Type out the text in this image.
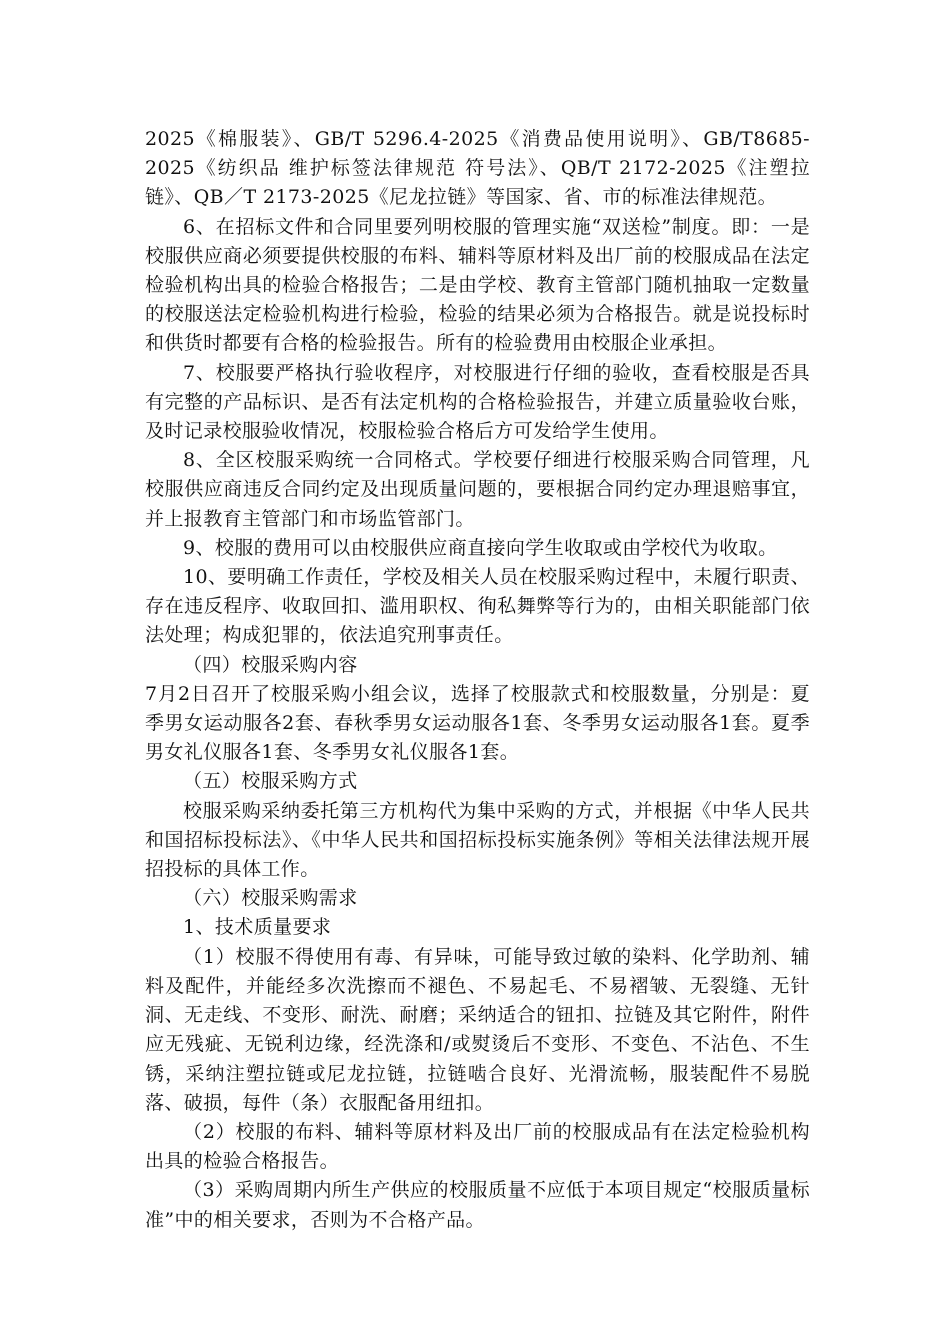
2025《棉服装》、GB/T 5296.4-2025《消费品使用说明》、GB/T8685-2025《纺织品 维护标签法律规范 符号法》、QB/T 2172-2025《注塑拉链》、QB／T 2173-2025《尼龙拉链》等国家、省、市的标准法律规范。

6、在招标文件和合同里要列明校服的管理实施“双送检”制度。即：一是校服供应商必须要提供校服的布料、辅料等原材料及出厂前的校服成品在法定检验机构出具的检验合格报告；二是由学校、教育主管部门随机抽取一定数量的校服送法定检验机构进行检验，检验的结果必须为合格报告。就是说投标时和供货时都要有合格的检验报告。所有的检验费用由校服企业承担。

7、校服要严格执行验收程序，对校服进行仔细的验收，查看校服是否具有完整的产品标识、是否有法定机构的合格检验报告，并建立质量验收台账，及时记录校服验收情况，校服检验合格后方可发给学生使用。

8、全区校服采购统一合同格式。学校要仔细进行校服采购合同管理，凡校服供应商违反合同约定及出现质量问题的，要根据合同约定办理退赔事宜，并上报教育主管部门和市场监管部门。

9、校服的费用可以由校服供应商直接向学生收取或由学校代为收取。

10、要明确工作责任，学校及相关人员在校服采购过程中，未履行职责、存在违反程序、收取回扣、滥用职权、徇私舞弊等行为的，由相关职能部门依法处理；构成犯罪的，依法追究刑事责任。

（四）校服采购内容

7月2日召开了校服采购小组会议，选择了校服款式和校服数量，分别是：夏季男女运动服各2套、春秋季男女运动服各1套、冬季男女运动服各1套。夏季男女礼仪服各1套、冬季男女礼仪服各1套。

（五）校服采购方式

校服采购采纳委托第三方机构代为集中采购的方式，并根据《中华人民共和国招标投标法》、《中华人民共和国招标投标实施条例》等相关法律法规开展招投标的具体工作。

（六）校服采购需求

1、技术质量要求

（1）校服不得使用有毒、有异味，可能导致过敏的染料、化学助剂、辅料及配件，并能经多次洗擦而不褪色、不易起毛、不易褶皱、无裂缝、无针洞、无走线、不变形、耐洗、耐磨；采纳适合的钮扣、拉链及其它附件，附件应无残疵、无锐利边缘，经洗涤和/或熨烫后不变形、不变色、不沾色、不生锈，采纳注塑拉链或尼龙拉链，拉链啮合良好、光滑流畅，服装配件不易脱落、破损，每件（条）衣服配备用纽扣。

（2）校服的布料、辅料等原材料及出厂前的校服成品有在法定检验机构出具的检验合格报告。

（3）采购周期内所生产供应的校服质量不应低于本项目规定“校服质量标准”中的相关要求，否则为不合格产品。
